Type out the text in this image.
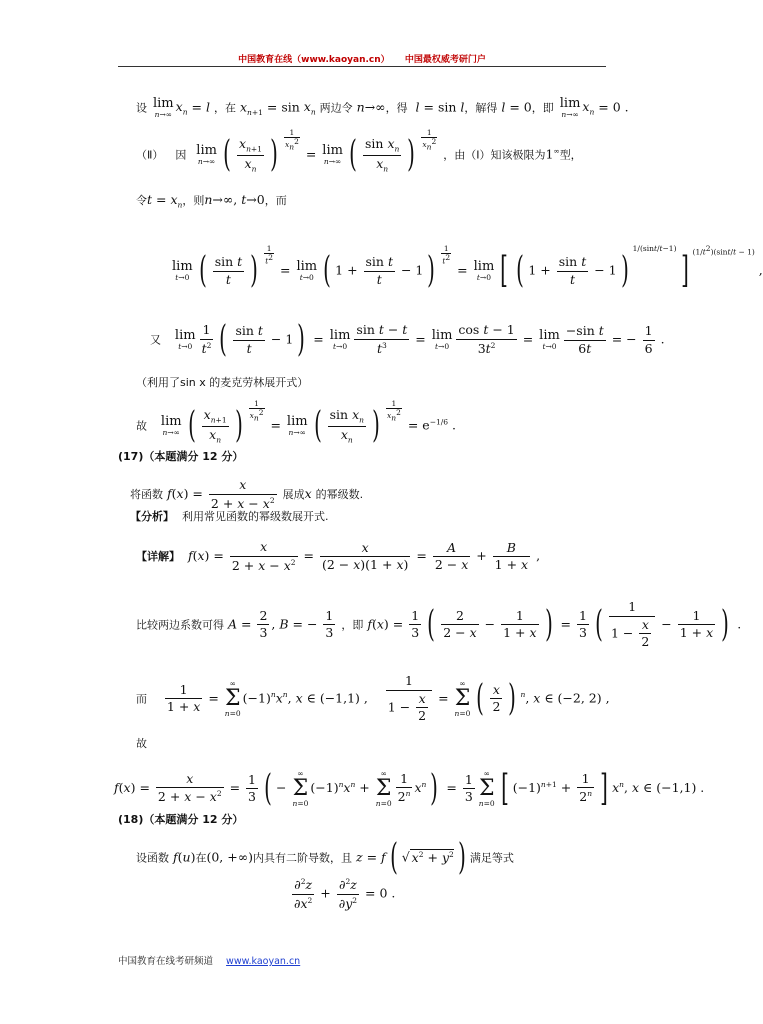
中国教育在线（www.kaoyan.cn） 中国最权威考研门户
设 lim
n→∞
$x_n = l$ ，在 $x_{n+1} = \sin x_n$ 两边令 n→∞，得 l = sin l，解得 l = 0，即 lim
n→∞
$x_n = 0$ .
（Ⅱ） 因 lim
n→∞ ( $\frac{x_{n+1}}{x_n}$ ) $\frac{1}{x_n^2}$
= lim
n→∞ ( $\frac{\sin x_n}{x_n}$ ) $\frac{1}{x_n^2}$
，由（Ⅰ）知该极限为1∞型，
令$t = x_n$，则n→∞, t→0，而
lim
t→0 ( $\frac{\text{sin t}}{t}$ ) $\frac{1}{t^2}$
= lim
t→0 ( $1 + \frac{\text{sin t}}{t} - 1$ ) $\frac{1}{t^2}$
= lim
t→0 [ ( $1 + \frac{\text{sin t}}{t} - 1$ )1/(sint/t−1)] $(1/t^2)(\sin t/t - 1)$ ,
又 lim
$t\to 0 \frac{1}{t^2}$ ( $\frac{\text{sin t}}{t} - 1$ ) = lim
$t\to 0 \frac{\text{sin t − t}}{t^3} = \lim$
$t\to 0 \frac{\text{cos t − 1}}{3t^2} = \lim$
$t\to 0 \frac{\text{−sin t}}{6t}$ = − $\frac{1}{6}$ .
（利用了sin x 的麦克劳林展开式）
故 lim
n→∞ ( $\frac{x_{n+1}}{x_n}$ ) $\frac{1}{x_n^2}$
= lim
n→∞ ( $\frac{\sin x_n}{x_n}$ ) $\frac{1}{x_n^2}$
= $e^{-1/6}$ .
(17)（本题满分 12 分）
将函数 $f(x) = \frac{x}{2 + x - x^2}$ 展成x 的幂级数.
【分析】 利用常见函数的幂级数展开式.
【详解】 $f(x) = \frac{x}{2 + x - x^2} = \frac{x}{(2 - x)(1 + x)} = \frac{A}{2 - x} + \frac{B}{1 + x}$ ,
比较两边系数可得 $A = \frac{2}{3}$ , B = − $\frac{1}{3}$ ，即 $f(x) = \frac{1}{3}$ ( $\frac{2}{2 - x} - \frac{1}{1 + x}$ ) = $\frac{1}{3}$ ( $\frac{1}{1 - \frac{x}{2}} - \frac{1}{1 + x}$ ) .
而 $\frac{1}{1 + x}$ =
∞
Σ
n=0
$(-1)^nx^n$, x ∈ (−1,1) , $\frac{1}{1 - \frac{x}{2}}$ =
∞
Σ
n=0 ( $\frac{x}{2}$ ) $^n$, x ∈ (−2, 2) ,
故
$f(x) = \frac{x}{2 + x - x^2} = \frac{1}{3}$ ( −
∞
Σ
n=0
$(-1)^nx^n$ +
∞
Σ
$n=0 \frac{1}{2^n} x^n$ ) = $\frac{1}{3}$	∞
Σ
n=0 [ $(-1)^{n+1} + \frac{1}{2^n}$ ] $x^n$, x ∈ (−1,1) .
(18)（本题满分 12 分）
设函数 f(u)在(0, +∞)内具有二阶导数，且 z = f ( √ $x^2 + y^2$ ) 满足等式
$\frac{\partial^2z}{\partial x^2} + \frac{\partial^2z}{\partial y^2} = 0$ .
中国教育在线考研频道 www.kaoyan.cn
